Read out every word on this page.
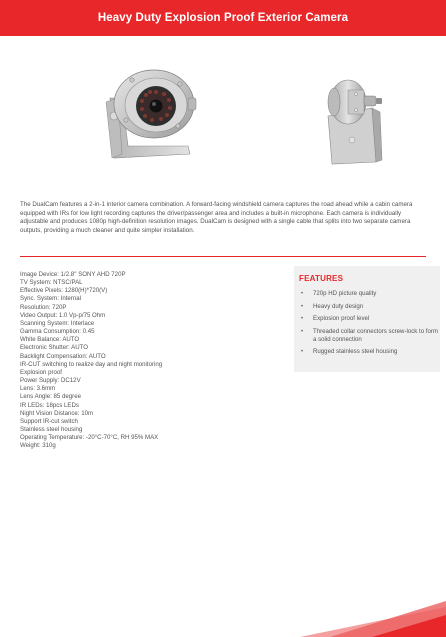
Heavy Duty Explosion Proof Exterior Camera

The DualCam features a 2-in-1 interior camera combination. A forward-facing windshield camera captures the road ahead while a cabin camera equipped with IRs for low light recording captures the driver/passenger area and includes a built-in microphone. Each camera is individually adjustable and produces 1080p high-definition resolution images. DualCam is designed with a single cable that splits into two separate camera outputs, providing a much cleaner and quite simpler installation.

Image Device: 1/2.8'' SONY AHD 720P
TV System: NTSC/PAL
Effective Pixels: 1280(H)*720(V)
Sync. System: Internal
Resolution: 720P
Video Output: 1.0 Vp-p/75 Ohm
Scanning System: Interlace
Gamma Consumption: 0.45
White Balance: AUTO
Electronic Shutter: AUTO
Backlight Compensation: AUTO
IR-CUT switching to realize day and night monitoring
Explosion proof
Power Supply: DC12V
Lens: 3.6mm
Lens Angle: 85 degree
IR LEDs: 18pcs LEDs
Night Vision Distance: 10m
Support IR-cut switch
Stainless steel housing
Operating Temperature: -20°C-70°C, RH 95% MAX
Weight: 310g
FEATURES
• 720p HD picture quality
• Heavy duty design
• Explosion proof level
• Threaded collar connectors screw-lock to form a solid connection
• Rugged stainless steel housing
